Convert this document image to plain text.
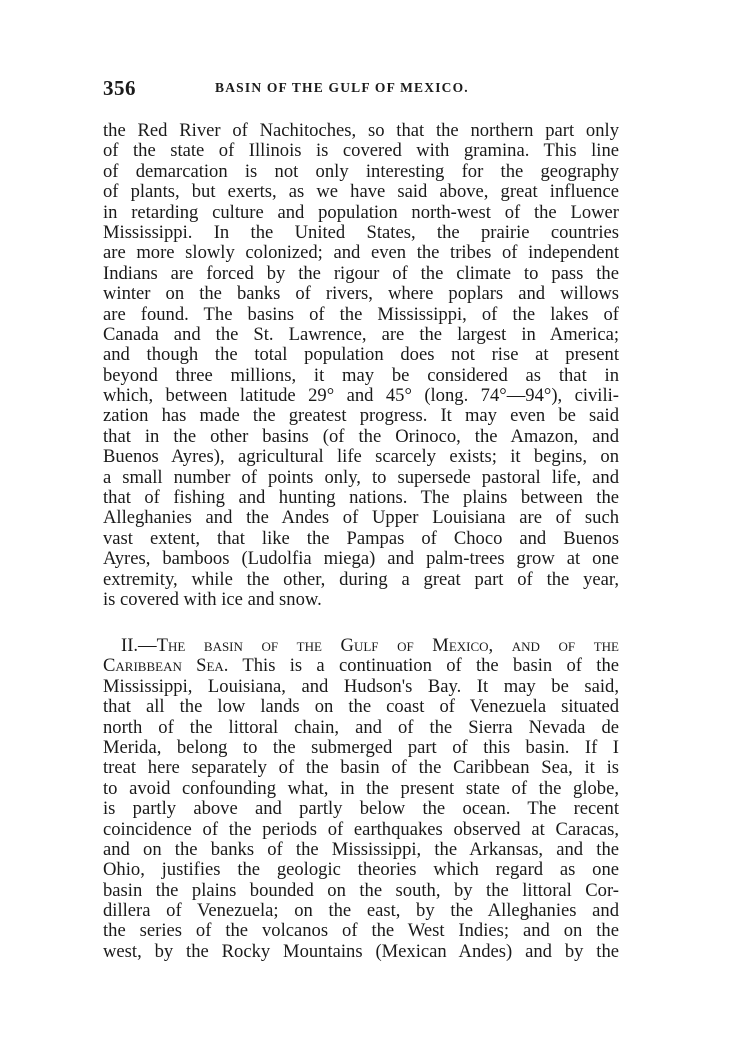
356	BASIN OF THE GULF OF MEXICO.
the Red River of Nachitoches, so that the northern part only
of the state of Illinois is covered with gramina. This line
of demarcation is not only interesting for the geography
of plants, but exerts, as we have said above, great influence
in retarding culture and population north-west of the Lower
Mississippi. In the United States, the prairie countries
are more slowly colonized; and even the tribes of independent
Indians are forced by the rigour of the climate to pass the
winter on the banks of rivers, where poplars and willows
are found. The basins of the Mississippi, of the lakes of
Canada and the St. Lawrence, are the largest in America;
and though the total population does not rise at present
beyond three millions, it may be considered as that in
which, between latitude 29° and 45° (long. 74°—94°), civili-
zation has made the greatest progress. It may even be said
that in the other basins (of the Orinoco, the Amazon, and
Buenos Ayres), agricultural life scarcely exists; it begins, on
a small number of points only, to supersede pastoral life, and
that of fishing and hunting nations. The plains between the
Alleghanies and the Andes of Upper Louisiana are of such
vast extent, that like the Pampas of Choco and Buenos
Ayres, bamboos (Ludolfia miega) and palm-trees grow at one
extremity, while the other, during a great part of the year,
is covered with ice and snow.
II.—The basin of the Gulf of Mexico, and of the
Caribbean Sea. This is a continuation of the basin of the
Mississippi, Louisiana, and Hudson's Bay. It may be said,
that all the low lands on the coast of Venezuela situated
north of the littoral chain, and of the Sierra Nevada de
Merida, belong to the submerged part of this basin. If I
treat here separately of the basin of the Caribbean Sea, it is
to avoid confounding what, in the present state of the globe,
is partly above and partly below the ocean. The recent
coincidence of the periods of earthquakes observed at Caracas,
and on the banks of the Mississippi, the Arkansas, and the
Ohio, justifies the geologic theories which regard as one
basin the plains bounded on the south, by the littoral Cor-
dillera of Venezuela; on the east, by the Alleghanies and
the series of the volcanos of the West Indies; and on the
west, by the Rocky Mountains (Mexican Andes) and by the
